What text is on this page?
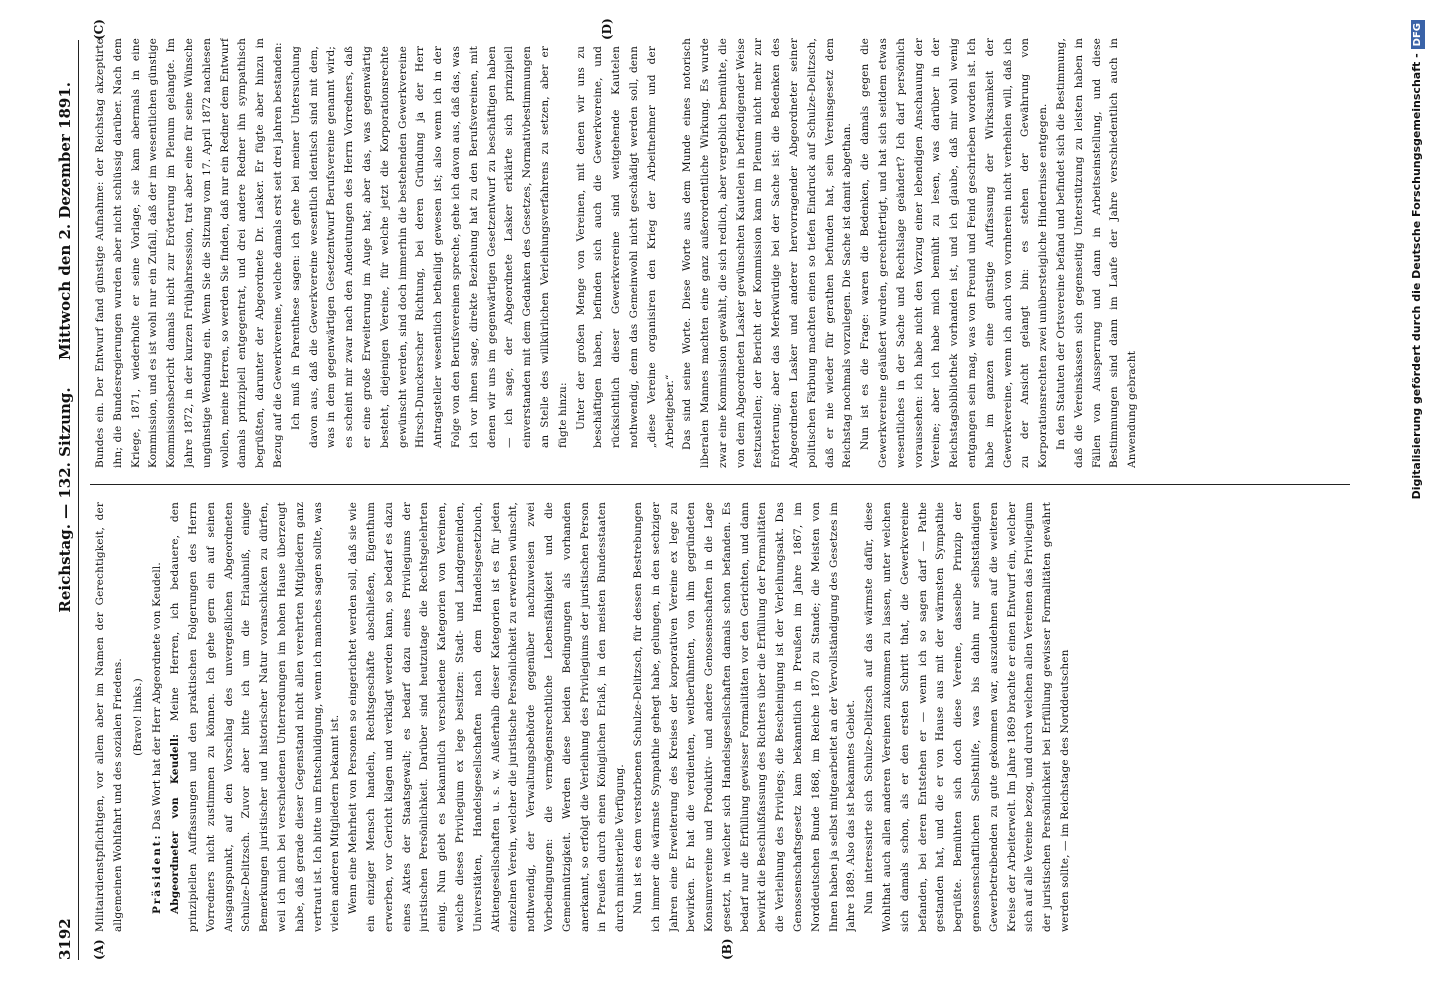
3192
Reichstag. — 132. Sitzung.
Mittwoch den 2. Dezember 1891.
(A)	(B)
(C)	(D)

Militairdienstpflichtigen, vor allem aber im Namen der Gerechtigkeit, der allgemeinen Wohlfahrt und des sozialen Friedens. (Bravo! links.)

Präsident: Das Wort hat der Herr Abgeordnete von Keudell. Abgeordneter von Keudell: Meine Herren, ich bedauere, den prinzipiellen Auffassungen und den praktischen Folgerungen des Herrn Vorredners nicht zustimmen zu können. Ich gehe gern ein auf seinen Ausgangspunkt, auf den Vorschlag des unvergeßlichen Abgeordneten Schulze-Delitzsch. Zuvor aber bitte ich um die Erlaubniß, einige Bemerkungen juristischer und historischer Natur voranschicken zu dürfen, weil ich mich bei verschiedenen Unterredungen im hohen Hause überzeugt habe, daß gerade dieser Gegenstand nicht allen verehrten Mitgliedern ganz vertraut ist. Ich bitte um Entschuldigung, wenn ich manches sagen sollte, was vielen anderen Mitgliedern bekannt ist. Wenn eine Mehrheit von Personen so eingerichtet werden soll, daß sie wie ein einziger Mensch handeln, Rechtsgeschäfte abschließen, Eigenthum erwerben, vor Gericht klagen und verklagt werden kann, so bedarf es dazu eines Aktes der Staatsgewalt; es bedarf dazu eines Privilegiums der juristischen Persönlichkeit. Darüber sind heutzutage die Rechtsgelehrten einig. Nun giebt es bekanntlich verschiedene Kategorien von Vereinen, welche dieses Privilegium ex lege besitzen: Stadt- und Landgemeinden, Universitäten, Handelsgesellschaften nach dem Handelsgesetzbuch, Aktiengesellschaften u. s. w. Außerhalb dieser Kategorien ist es für jeden einzelnen Verein, welcher die juristische Persönlichkeit zu erwerben wünscht, nothwendig, der Verwaltungsbehörde gegenüber nachzuweisen zwei Vorbedingungen: die vermögensrechtliche Lebensfähigkeit und die Gemeinnützigkeit. Werden diese beiden Bedingungen als vorhanden anerkannt, so erfolgt die Verleihung des Privilegiums der juristischen Person in Preußen durch einen Königlichen Erlaß, in den meisten Bundesstaaten durch ministerielle Verfügung. Nun ist es dem verstorbenen Schulze-Delitzsch, für dessen Bestrebungen ich immer die wärmste Sympathie gehegt habe, gelungen, in den sechziger Jahren eine Erweiterung des Kreises der korporativen Vereine ex lege zu bewirken. Er hat die verdienten, weitberühmten, von ihm gegründeten Konsumvereine und Produktiv- und andere Genossenschaften in die Lage gesetzt, in welcher sich Handelsgesellschaften damals schon befanden. Es bedarf nur die Erfüllung gewisser Formalitäten vor den Gerichten, und dann bewirkt die Beschlußfassung des Richters über die Erfüllung der Formalitäten die Verleihung des Privilegs; die Bescheinigung ist der Verleihungsakt. Das Genossenschaftsgesetz kam bekanntlich in Preußen im Jahre 1867, im Norddeutschen Bunde 1868, im Reiche 1870 zu Stande; die Meisten von Ihnen haben ja selbst mitgearbeitet an der Vervollständigung des Gesetzes im Jahre 1889. Also das ist bekanntes Gebiet. Nun interessirte sich Schulze-Delitzsch auf das wärmste dafür, diese Wohlthat auch allen anderen Vereinen zukommen zu lassen, unter welchen sich damals schon, als er den ersten Schritt that, die Gewerkvereine befanden, bei deren Entstehen er — wenn ich so sagen darf — Pathe gestanden hat, und die er von Hause aus mit der wärmsten Sympathie begrüßte. Bemühten sich doch diese Vereine, dasselbe Prinzip der genossenschaftlichen Selbsthilfe, was bis dahin nur selbstständigen Gewerbetreibenden zu gute gekommen war, auszudehnen auf die weiteren Kreise der Arbeiterwelt. Im Jahre 1869 brachte er einen Entwurf ein, welcher sich auf alle Vereine bezog, und durch welchen allen Vereinen das Privilegium der juristischen Persönlichkeit bei Erfüllung gewisser Formalitäten gewährt werden sollte, — im Reichstage des Norddeutschen

Bundes ein. Der Entwurf fand günstige Aufnahme: der Reichstag akzeptirte ihn; die Bundesregierungen wurden aber nicht schlüssig darüber. Nach dem Kriege, 1871, wiederholte er seine Vorlage, sie kam abermals in eine Kommission, und es ist wohl nur ein Zufall, daß der im wesentlichen günstige Kommissionsbericht damals nicht zur Erörterung im Plenum gelangte. Im Jahre 1872, in der kurzen Frühjahrsession, trat aber eine für seine Wünsche ungünstige Wendung ein. Wenn Sie die Sitzung vom 17. April 1872 nachlesen wollen, meine Herren, so werden Sie finden, daß nur ein Redner dem Entwurf damals prinzipiell entgegentrat, und drei andere Redner ihn sympathisch begrüßten, darunter der Abgeordnete Dr. Lasker. Er fügte aber hinzu in Bezug auf die Gewerkvereine, welche damals erst seit drei Jahren bestanden: Ich muß in Parenthese sagen: ich gehe bei meiner Untersuchung davon aus, daß die Gewerkvereine wesentlich identisch sind mit dem, was in dem gegenwärtigen Gesetzentwurf Berufsvereine genannt wird; es scheint mir zwar nach den Andeutungen des Herrn Vorredners, daß er eine große Erweiterung im Auge hat; aber das, was gegenwärtig besteht, diejenigen Vereine, für welche jetzt die Korporationsrechte gewünscht werden, sind doch immerhin die bestehenden Gewerkvereine Hirsch-Dunckerscher Richtung, bei deren Gründung ja der Herr Antragsteller wesentlich betheiligt gewesen ist; also wenn ich in der Folge von den Berufsvereinen spreche, gehe ich davon aus, daß das, was ich vor ihnen sage, direkte Beziehung hat zu den Berufsvereinen, mit denen wir uns im gegenwärtigen Gesetzentwurf zu beschäftigen haben — ich sage, der Abgeordnete Lasker erklärte sich prinzipiell einverstanden mit dem Gedanken des Gesetzes, Normativbestimmungen an Stelle des willkürlichen Verleihungsverfahrens zu setzen, aber er fügte hinzu: Unter der großen Menge von Vereinen, mit denen wir uns zu beschäftigen haben, befinden sich auch die Gewerkvereine, und rücksichtlich dieser Gewerkvereine sind weitgehende Kautelen nothwendig, denn das Gemeinwohl nicht geschädigt werden soll, denn „diese Vereine organisiren den Krieg der Arbeitnehmer und der Arbeitgeber.“ Das sind seine Worte. Diese Worte aus dem Munde eines notorisch liberalen Mannes machten eine ganz außerordentliche Wirkung. Es wurde zwar eine Kommission gewählt, die sich redlich, aber vergeblich bemühte, die von dem Abgeordneten Lasker gewünschten Kautelen in befriedigender Weise festzustellen; der Bericht der Kommission kam im Plenum nicht mehr zur Erörterung; aber das Merkwürdige bei der Sache ist: die Bedenken des Abgeordneten Lasker und anderer hervorragender Abgeordneter seiner politischen Färbung machten einen so tiefen Eindruck auf Schulze-Delitzsch, daß er nie wieder für gerathen befunden hat, sein Vereinsgesetz dem Reichstag nochmals vorzulegen. Die Sache ist damit abgethan. Nun ist es die Frage: waren die Bedenken, die damals gegen die Gewerkvereine geäußert wurden, gerechtfertigt, und hat sich seitdem etwas wesentliches in der Sache und Rechtslage geändert? Ich darf persönlich voraussehen: ich habe nicht den Vorzug einer lebendigen Anschauung der Vereine; aber ich habe mich bemüht zu lesen, was darüber in der Reichstagsbibliothek vorhanden ist, und ich glaube, daß mir wohl wenig entgangen sein mag, was von Freund und Feind geschrieben worden ist. Ich habe im ganzen eine günstige Auffassung der Wirksamkeit der Gewerkvereine, wenn ich auch von vornherein nicht verhehlen will, daß ich zu der Ansicht gelangt bin: es stehen der Gewährung von Korporationsrechten zwei unübersteigliche Hindernisse entgegen. In den Statuten der Ortsvereine befand und befindet sich die Bestimmung, daß die Vereinskassen sich gegenseitig Unterstützung zu leisten haben in Fällen von Aussperrung und dann in Arbeitseinstellung, und diese Bestimmungen sind dann im Laufe der Jahre verschiedentlich auch in Anwendung gebracht	Digitalisierung gefördert durch die Deutsche Forschungsgemeinschaft -DFG
